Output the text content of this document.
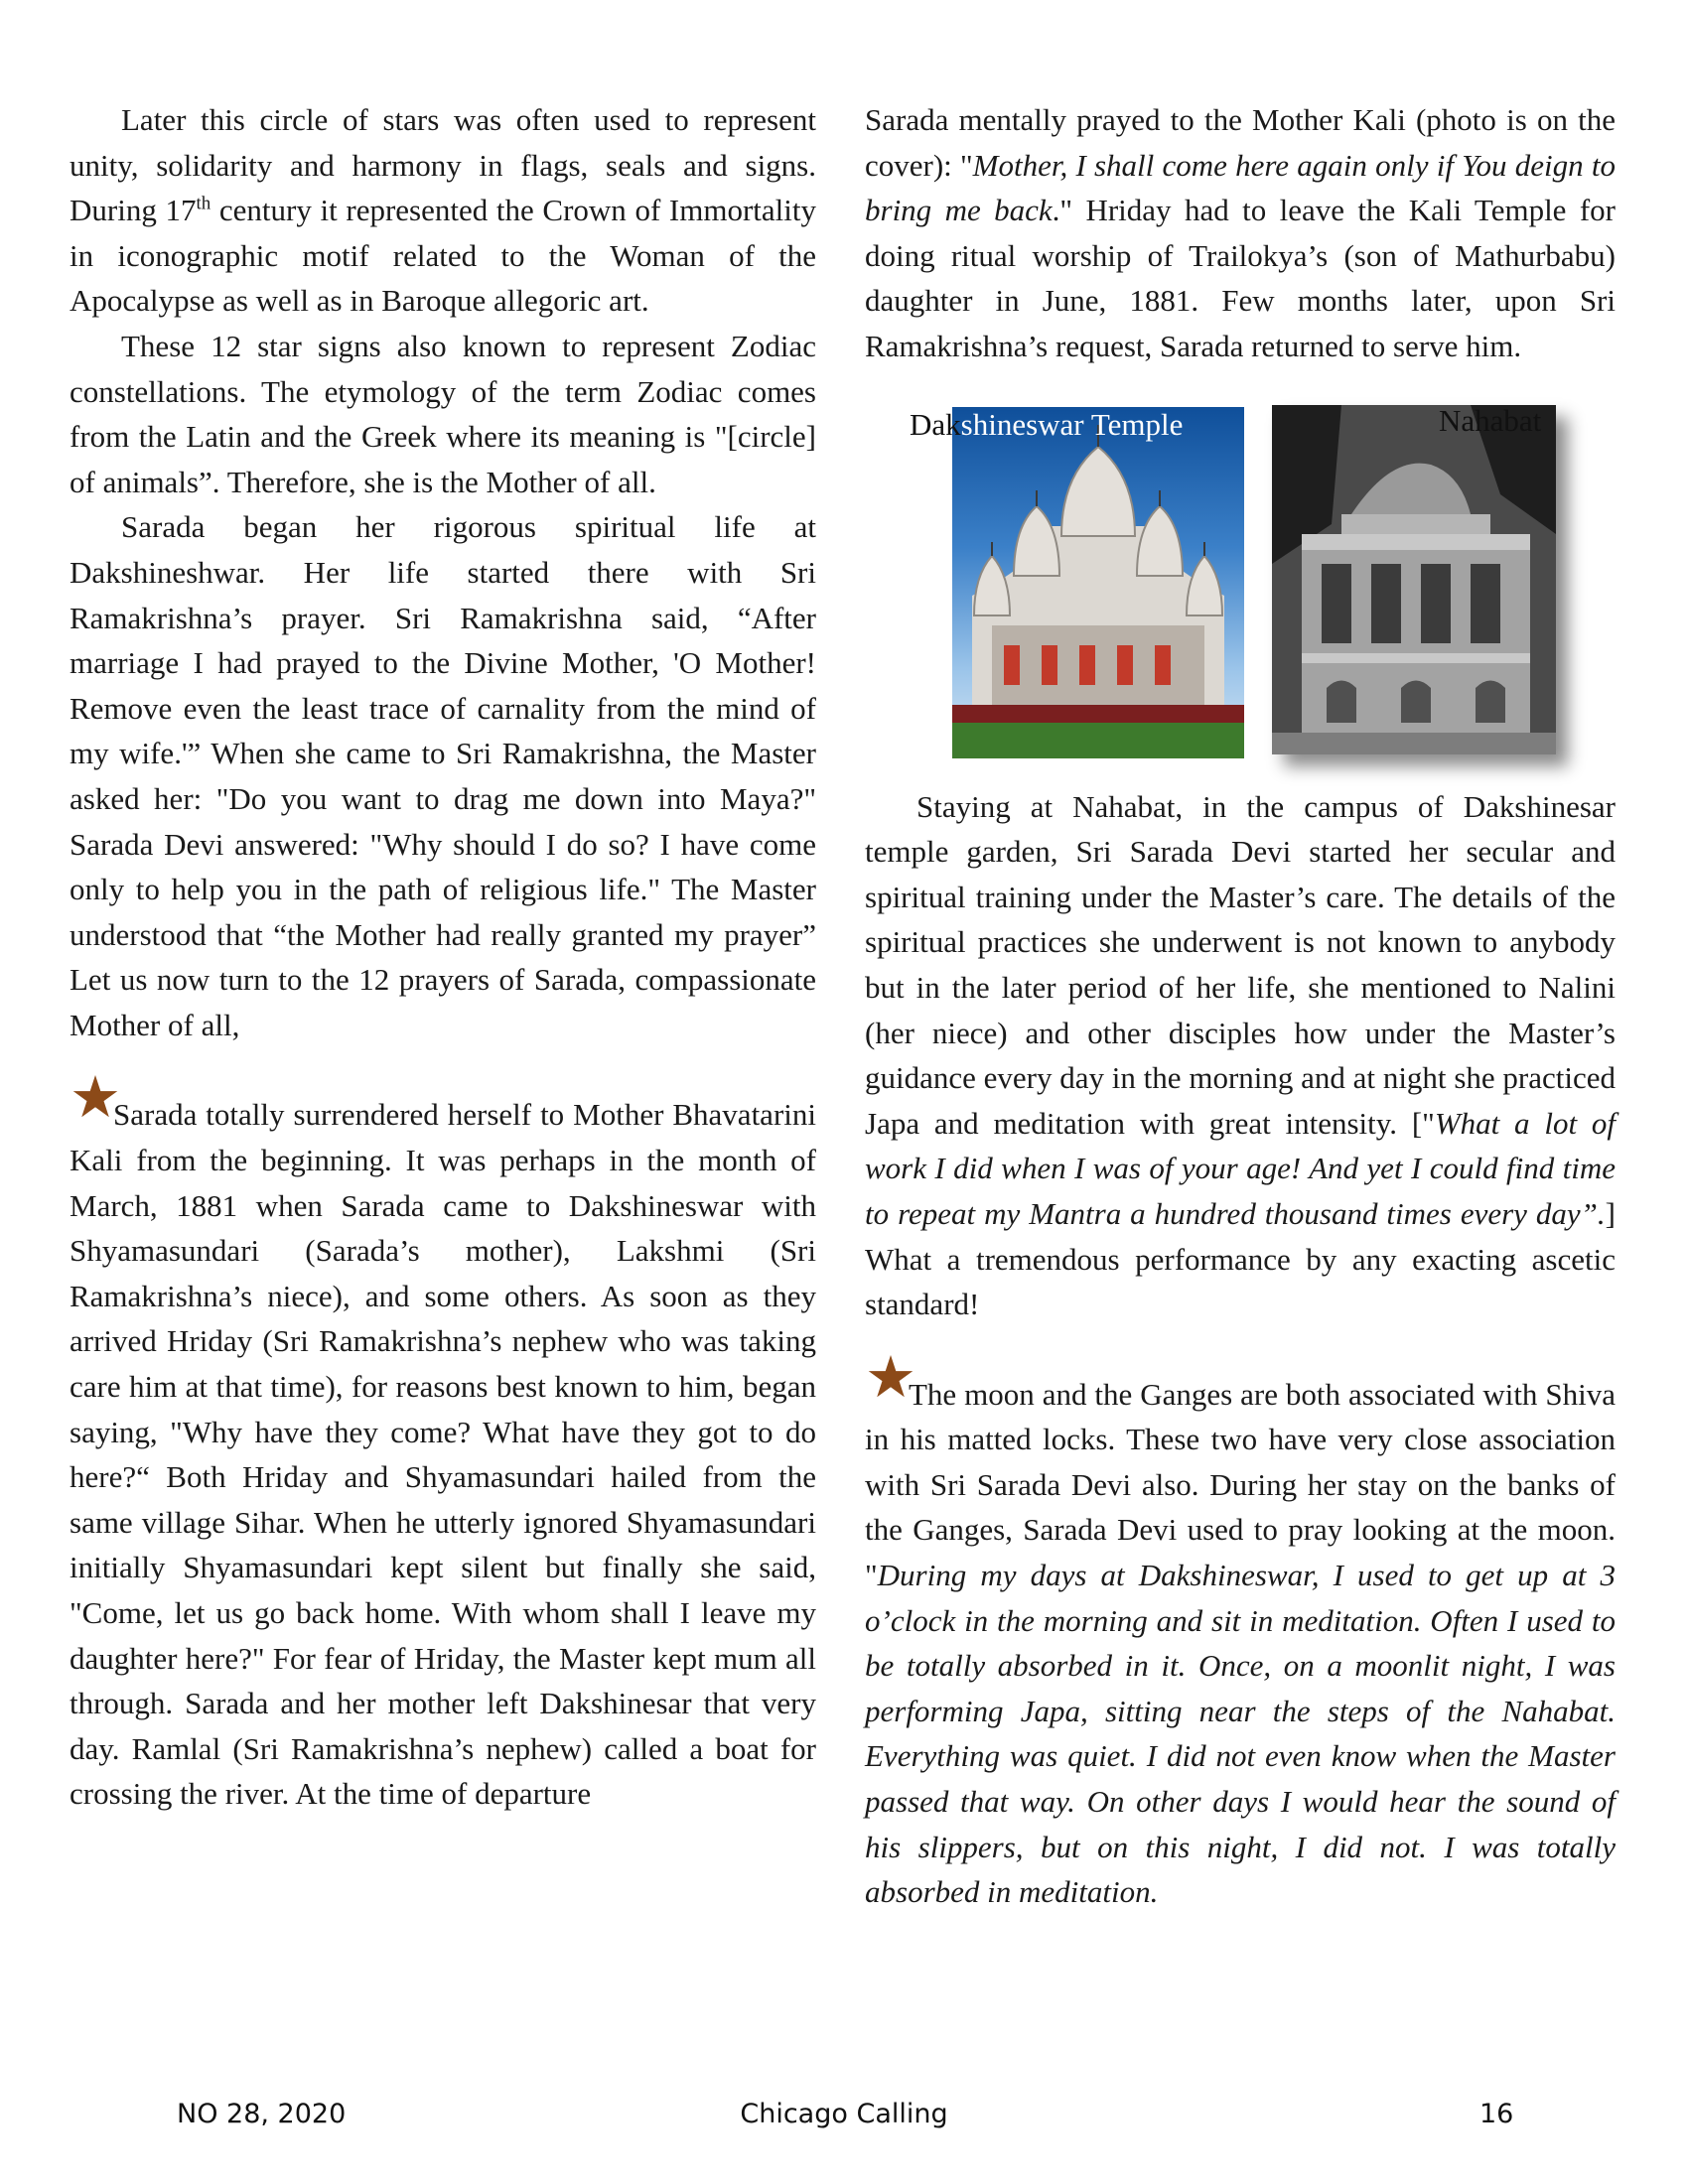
Later this circle of stars was often used to represent unity, solidarity and harmony in flags, seals and signs. During 17th century it represented the Crown of Immortality in iconographic motif related to the Woman of the Apocalypse as well as in Baroque allegoric art.

These 12 star signs also known to represent Zodiac constellations. The etymology of the term Zodiac comes from the Latin and the Greek where its meaning is "[circle] of animals”. Therefore, she is the Mother of all.

Sarada began her rigorous spiritual life at Dakshineshwar. Her life started there with Sri Ramakrishna’s prayer. Sri Ramakrishna said, “After marriage I had prayed to the Divine Mother, 'O Mother! Remove even the least trace of carnality from the mind of my wife.'” When she came to Sri Ramakrishna, the Master asked her: "Do you want to drag me down into Maya?" Sarada Devi answered: "Why should I do so? I have come only to help you in the path of religious life." The Master understood that “the Mother had really granted my prayer” Let us now turn to the 12 prayers of Sarada, compassionate Mother of all,

★Sarada totally surrendered herself to Mother Bhavatarini Kali from the beginning. It was perhaps in the month of March, 1881 when Sarada came to Dakshineswar with Shyamasundari (Sarada’s mother), Lakshmi (Sri Ramakrishna’s niece), and some others. As soon as they arrived Hriday (Sri Ramakrishna’s nephew who was taking care him at that time), for reasons best known to him, began saying, "Why have they come? What have they got to do here?“ Both Hriday and Shyamasundari hailed from the same village Sihar. When he utterly ignored Shyamasundari initially Shyamasundari kept silent but finally she said, "Come, let us go back home. With whom shall I leave my daughter here?" For fear of Hriday, the Master kept mum all through. Sarada and her mother left Dakshinesar that very day. Ramlal (Sri Ramakrishna’s nephew) called a boat for crossing the river. At the time of departure

Sarada mentally prayed to the Mother Kali (photo is on the cover): "Mother, I shall come here again only if You deign to bring me back." Hriday had to leave the Kali Temple for doing ritual worship of Trailokya’s (son of Mathurbabu) daughter in June, 1881. Few months later, upon Sri Ramakrishna’s request, Sarada returned to serve him.

Dakshineswar Temple	Nahabat

Staying at Nahabat, in the campus of Dakshinesar temple garden, Sri Sarada Devi started her secular and spiritual training under the Master’s care. The details of the spiritual practices she underwent is not known to anybody but in the later period of her life, she mentioned to Nalini (her niece) and other disciples how under the Master’s guidance every day in the morning and at night she practiced Japa and meditation with great intensity. ["What a lot of work I did when I was of your age! And yet I could find time to repeat my Mantra a hundred thousand times every day”.] What a tremendous performance by any exacting ascetic standard!

★The moon and the Ganges are both associated with Shiva in his matted locks. These two have very close association with Sri Sarada Devi also. During her stay on the banks of the Ganges, Sarada Devi used to pray looking at the moon. "During my days at Dakshineswar, I used to get up at 3 o’clock in the morning and sit in meditation. Often I used to be totally absorbed in it. Once, on a moonlit night, I was performing Japa, sitting near the steps of the Nahabat. Everything was quiet. I did not even know when the Master passed that way. On other days I would hear the sound of his slippers, but on this night, I did not. I was totally absorbed in meditation.

NO 28, 2020	Chicago Calling	16
